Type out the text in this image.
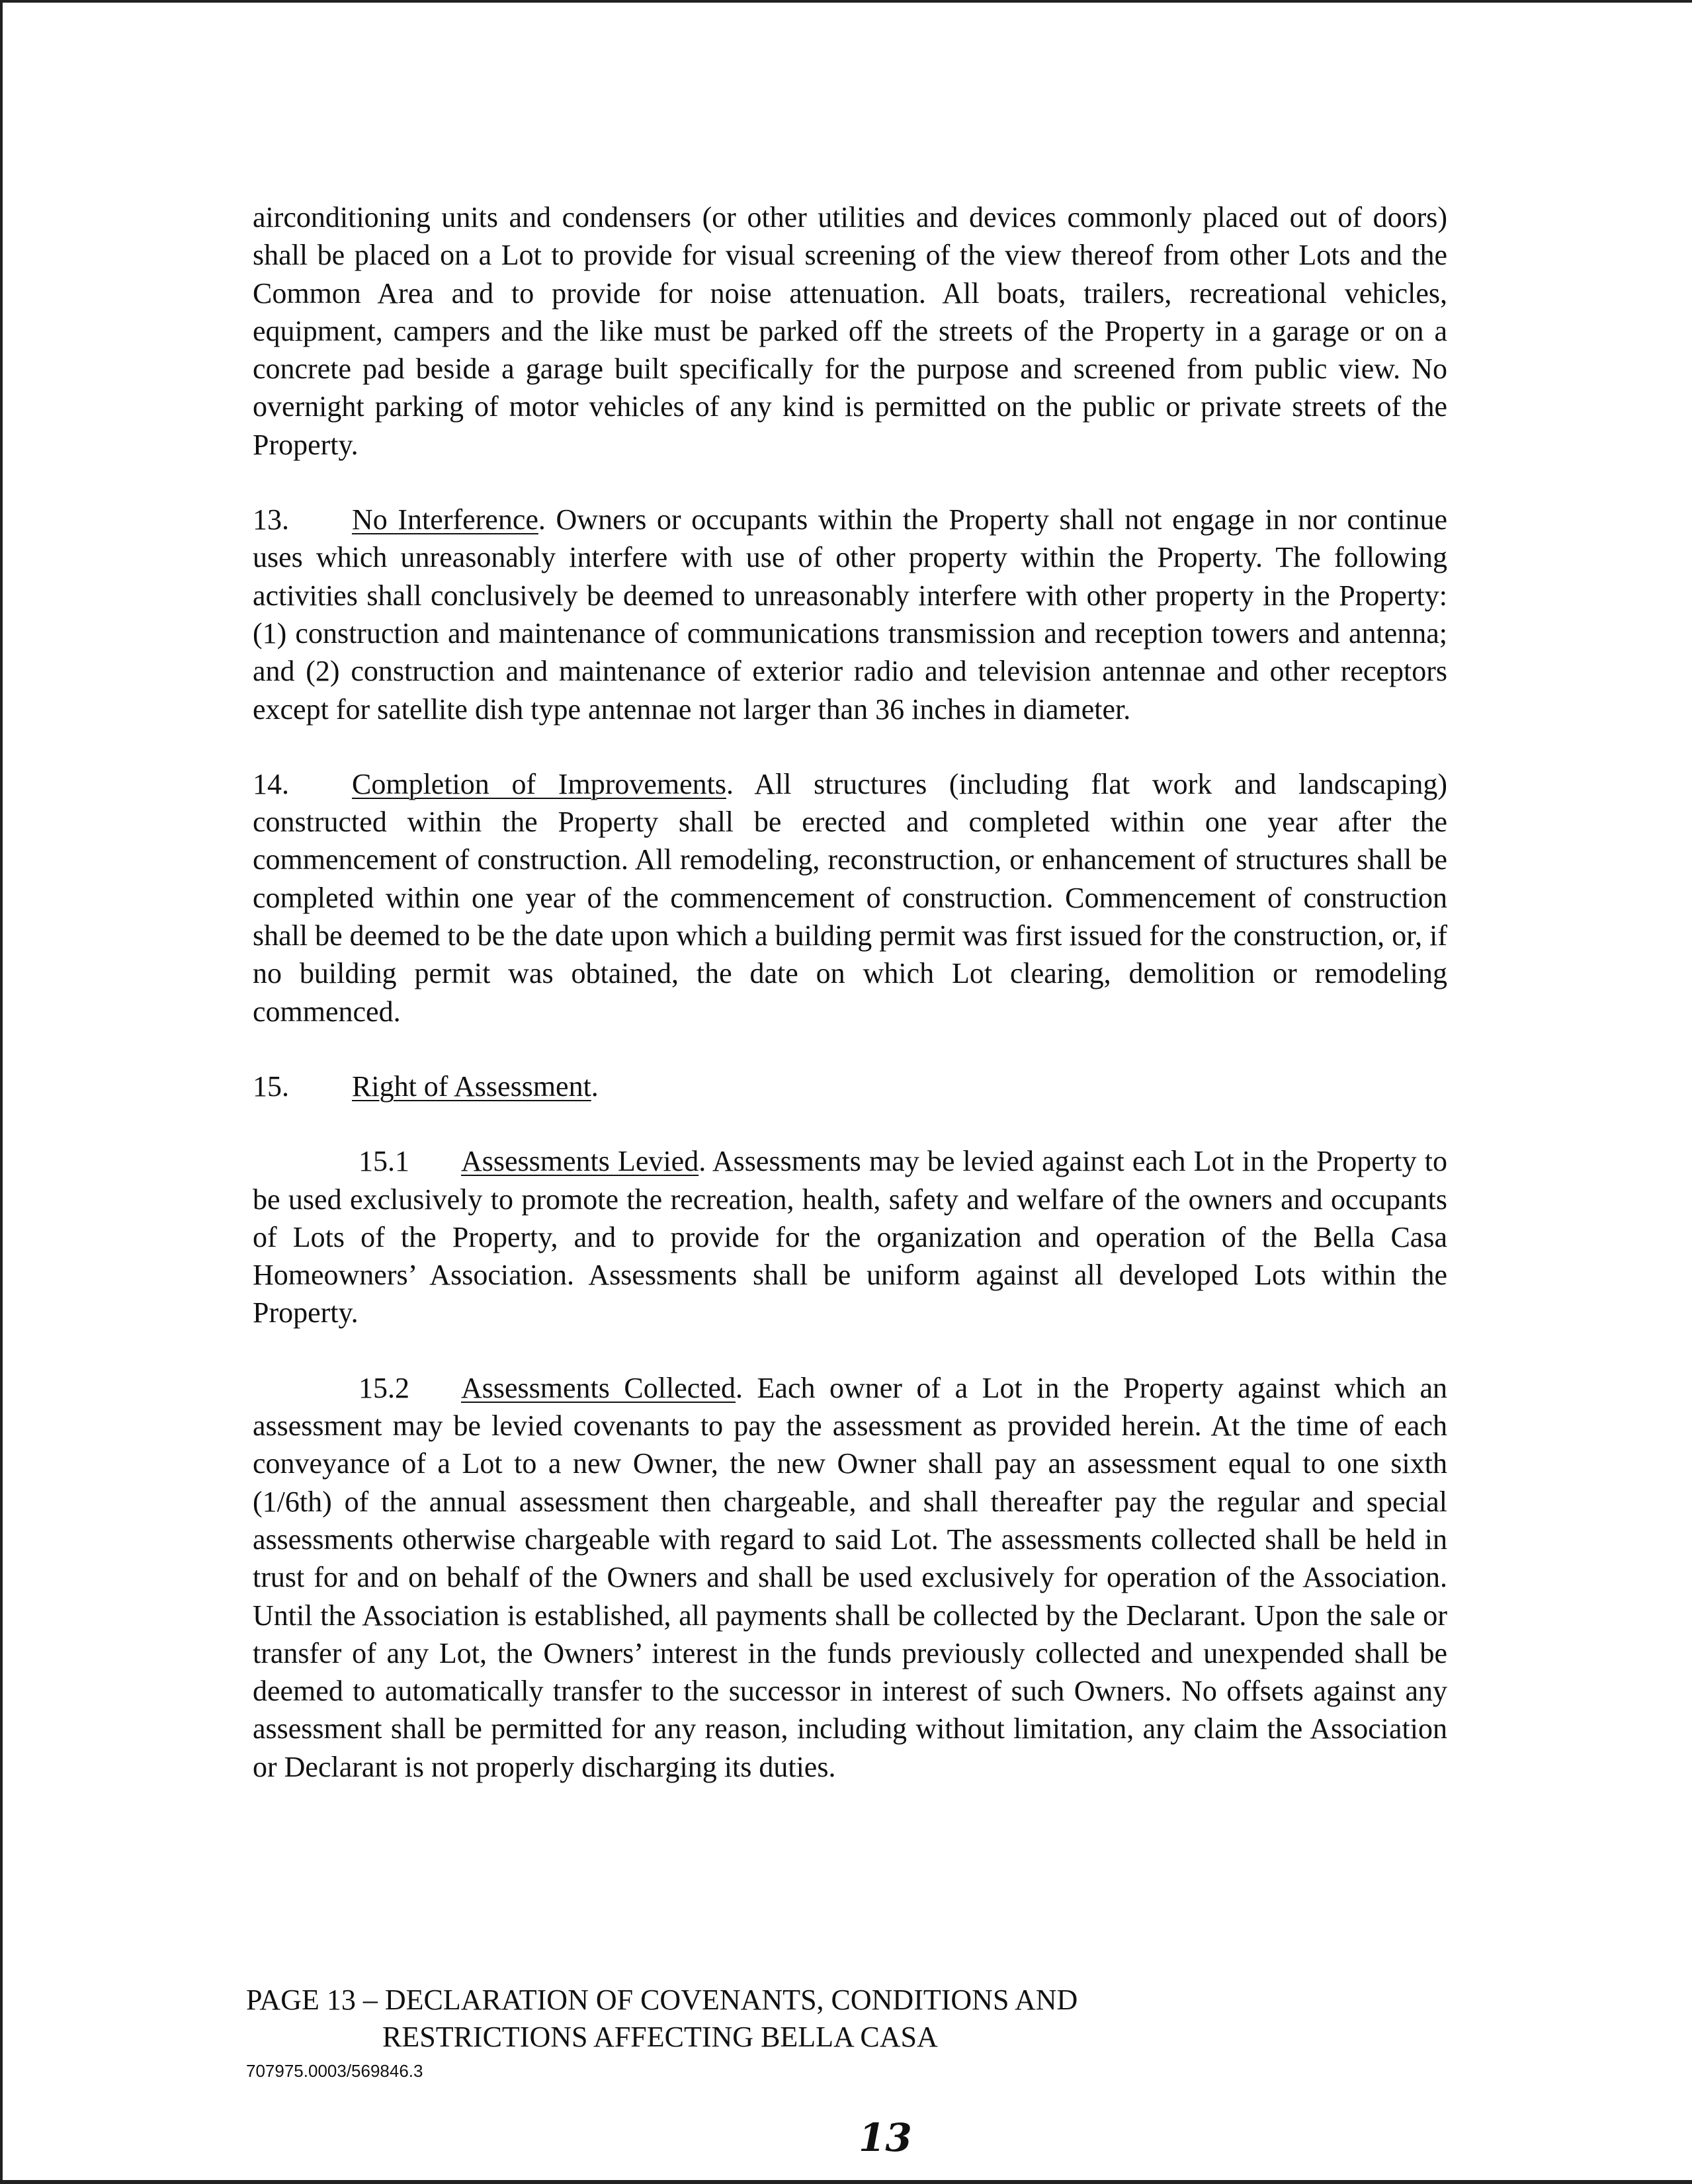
airconditioning units and condensers (or other utilities and devices commonly placed out of doors) shall be placed on a Lot to provide for visual screening of the view thereof from other Lots and the Common Area and to provide for noise attenuation. All boats, trailers, recreational vehicles, equipment, campers and the like must be parked off the streets of the Property in a garage or on a concrete pad beside a garage built specifically for the purpose and screened from public view. No overnight parking of motor vehicles of any kind is permitted on the public or private streets of the Property.

13. No Interference. Owners or occupants within the Property shall not engage in nor continue uses which unreasonably interfere with use of other property within the Property. The following activities shall conclusively be deemed to unreasonably interfere with other property in the Property: (1) construction and maintenance of communications transmission and reception towers and antenna; and (2) construction and maintenance of exterior radio and television antennae and other receptors except for satellite dish type antennae not larger than 36 inches in diameter.

14. Completion of Improvements. All structures (including flat work and landscaping) constructed within the Property shall be erected and completed within one year after the commencement of construction. All remodeling, reconstruction, or enhancement of structures shall be completed within one year of the commencement of construction. Commencement of construction shall be deemed to be the date upon which a building permit was first issued for the construction, or, if no building permit was obtained, the date on which Lot clearing, demolition or remodeling commenced.

15. Right of Assessment.

15.1 Assessments Levied. Assessments may be levied against each Lot in the Property to be used exclusively to promote the recreation, health, safety and welfare of the owners and occupants of Lots of the Property, and to provide for the organization and operation of the Bella Casa Homeowners’ Association. Assessments shall be uniform against all developed Lots within the Property.

15.2 Assessments Collected. Each owner of a Lot in the Property against which an assessment may be levied covenants to pay the assessment as provided herein. At the time of each conveyance of a Lot to a new Owner, the new Owner shall pay an assessment equal to one sixth (1/6th) of the annual assessment then chargeable, and shall thereafter pay the regular and special assessments otherwise chargeable with regard to said Lot. The assessments collected shall be held in trust for and on behalf of the Owners and shall be used exclusively for operation of the Association. Until the Association is established, all payments shall be collected by the Declarant. Upon the sale or transfer of any Lot, the Owners’ interest in the funds previously collected and unexpended shall be deemed to automatically transfer to the successor in interest of such Owners. No offsets against any assessment shall be permitted for any reason, including without limitation, any claim the Association or Declarant is not properly discharging its duties.

PAGE 13 – DECLARATION OF COVENANTS, CONDITIONS AND
RESTRICTIONS AFFECTING BELLA CASA
707975.0003/569846.3
13
